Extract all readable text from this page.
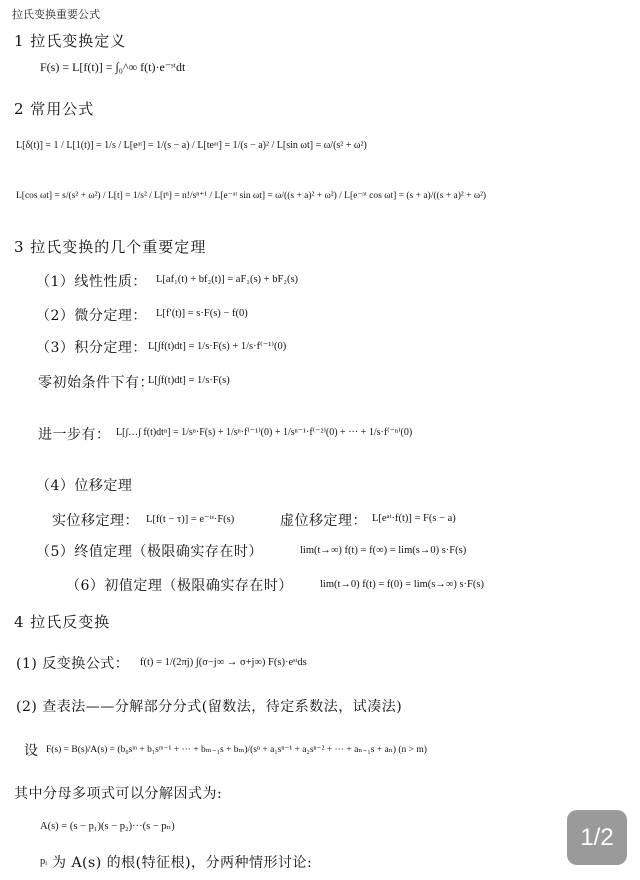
拉氏变换重要公式
1 拉氏变换定义
F(s) = L[f(t)] = ∫₀^∞ f(t)·e⁻ˢᵗdt
2 常用公式
L[δ(t)] = 1 / L[1(t)] = 1/s / L[eᵃᵗ] = 1/(s − a) / L[teᵃᵗ] = 1/(s − a)² / L[sin ωt] = ω/(s² + ω²)
L[cos ωt] = s/(s² + ω²) / L[t] = 1/s² / L[tⁿ] = n!/sⁿ⁺¹ / L[e⁻ᵃᵗ sin ωt] = ω/((s + a)² + ω²) / L[e⁻ᵃᵗ cos ωt] = (s + a)/((s + a)² + ω²)
3 拉氏变换的几个重要定理
（1）线性性质： L[af₁(t) + bf₂(t)] = aF₁(s) + bF₂(s)
（2）微分定理： L[f′(t)] = s·F(s) − f(0)
（3）积分定理： L[∫f(t)dt] = 1/s·F(s) + 1/s·f⁽⁻¹⁾(0)
零初始条件下有：
L[∫f(t)dt] = 1/s·F(s)
进一步有： L[∫…∫ f(t)dtⁿ] = 1/sⁿ·F(s) + 1/sⁿ·f⁽⁻¹⁾(0) + 1/sⁿ⁻¹·f⁽⁻²⁾(0) + ··· + 1/s·f⁽⁻ⁿ⁾(0)
（4）位移定理
实位移定理： L[f(t − τ)] = e⁻ᵗˢ·F(s)	虚位移定理： L[eᵃᵗ·f(t)] = F(s − a)
（5）终值定理（极限确实存在时）	lim(t→∞) f(t) = f(∞) = lim(s→0) s·F(s)
（6）初值定理（极限确实存在时）	lim(t→0) f(t) = f(0) = lim(s→∞) s·F(s)
4 拉氏反变换
(1) 反变换公式： f(t) = 1/(2πj) ∫(σ−j∞ → σ+j∞) F(s)·eˢᵗds
(2) 查表法——分解部分分式(留数法，待定系数法，试凑法)
设 F(s) = B(s)/A(s) = (b₀sᵐ + b₁sᵐ⁻¹ + ··· + bₘ₋₁s + bₘ)/(sⁿ + a₁sⁿ⁻¹ + a₂sⁿ⁻² + ··· + aₙ₋₁s + aₙ) (n > m)
其中分母多项式可以分解因式为:
A(s) = (s − p₁)(s − p₂)···(s − pₙ)
pᵢ 为 A(s) 的根(特征根)，分两种情形讨论:
1/2
